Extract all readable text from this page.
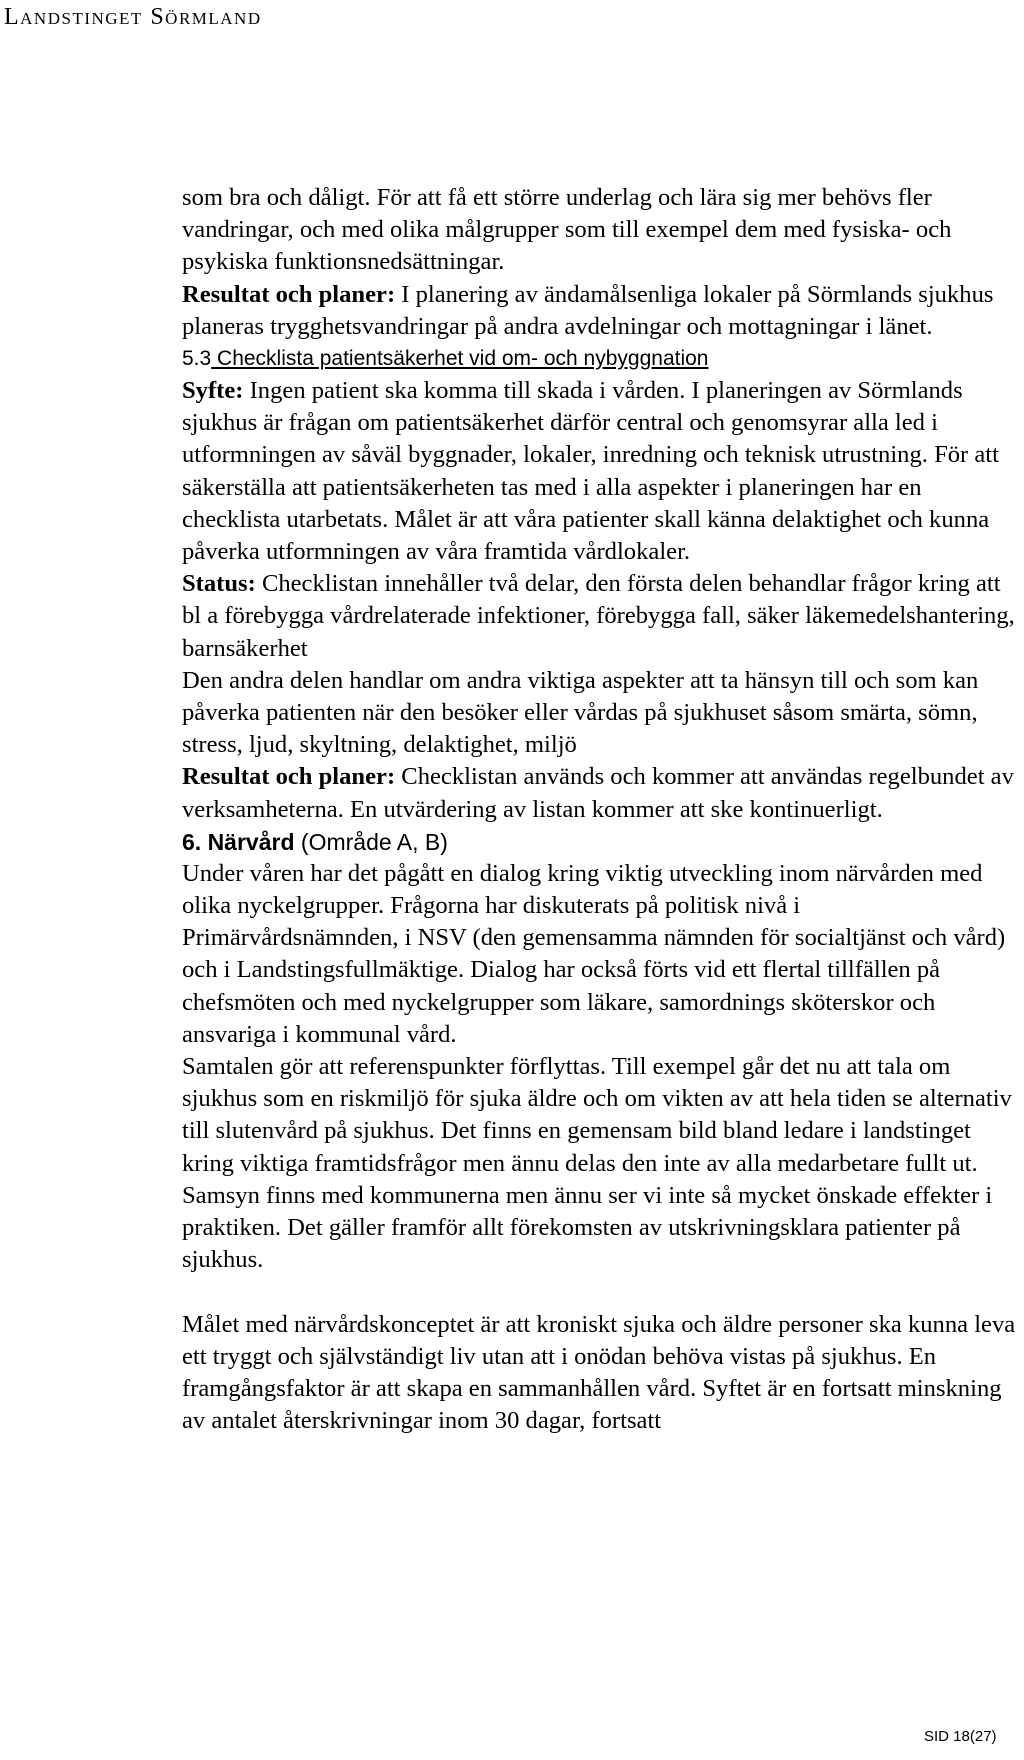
Landstinget Sörmland

som bra och dåligt. För att få ett större underlag och lära sig mer behövs fler vandringar, och med olika målgrupper som till exempel dem med fysiska- och psykiska funktionsnedsättningar.

Resultat och planer: I planering av ändamålsenliga lokaler på Sörmlands sjukhus planeras trygghetsvandringar på andra avdelningar och mottagningar i länet.

5.3 Checklista patientsäkerhet vid om- och nybyggnation

Syfte: Ingen patient ska komma till skada i vården. I planeringen av Sörmlands sjukhus är frågan om patientsäkerhet därför central och genomsyrar alla led i utformningen av såväl byggnader, lokaler, inredning och teknisk utrustning. För att säkerställa att patientsäkerheten tas med i alla aspekter i planeringen har en checklista utarbetats. Målet är att våra patienter skall känna delaktighet och kunna påverka utformningen av våra framtida vårdlokaler.

Status: Checklistan innehåller två delar, den första delen behandlar frågor kring att bl a förebygga vårdrelaterade infektioner, förebygga fall, säker läkemedelshantering, barnsäkerhet

Den andra delen handlar om andra viktiga aspekter att ta hänsyn till och som kan påverka patienten när den besöker eller vårdas på sjukhuset såsom smärta, sömn, stress, ljud, skyltning, delaktighet, miljö

Resultat och planer: Checklistan används och kommer att användas regelbundet av verksamheterna. En utvärdering av listan kommer att ske kontinuerligt.

6. Närvård (Område A, B)

Under våren har det pågått en dialog kring viktig utveckling inom närvården med olika nyckelgrupper. Frågorna har diskuterats på politisk nivå i Primärvårdsnämnden, i NSV (den gemensamma nämnden för socialtjänst och vård) och i Landstingsfullmäktige. Dialog har också förts vid ett flertal tillfällen på chefsmöten och med nyckelgrupper som läkare, samordnings sköterskor och ansvariga i kommunal vård.

Samtalen gör att referenspunkter förflyttas. Till exempel går det nu att tala om sjukhus som en riskmiljö för sjuka äldre och om vikten av att hela tiden se alternativ till slutenvård på sjukhus. Det finns en gemensam bild bland ledare i landstinget kring viktiga framtidsfrågor men ännu delas den inte av alla medarbetare fullt ut. Samsyn finns med kommunerna men ännu ser vi inte så mycket önskade effekter i praktiken. Det gäller framför allt förekomsten av utskrivningsklara patienter på sjukhus.

Målet med närvårdskonceptet är att kroniskt sjuka och äldre personer ska kunna leva ett tryggt och självständigt liv utan att i onödan behöva vistas på sjukhus. En framgångsfaktor är att skapa en sammanhållen vård. Syftet är en fortsatt minskning av antalet återskrivningar inom 30 dagar, fortsatt

SID 18(27)
